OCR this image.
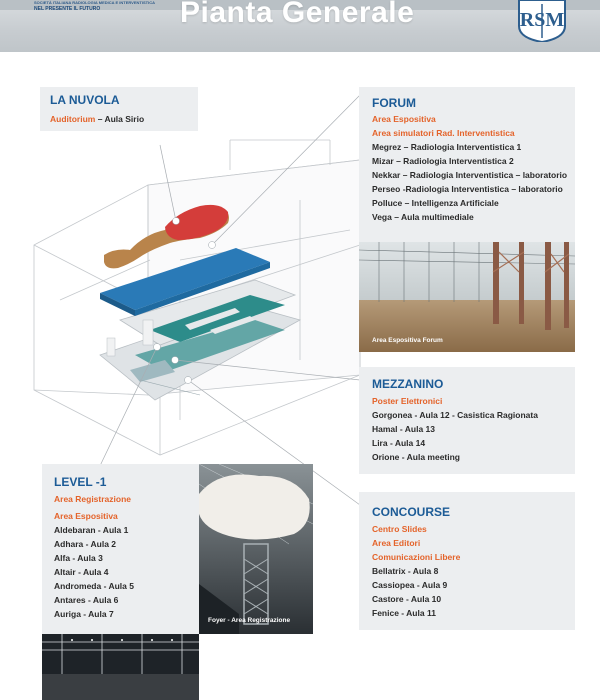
SOCIETÀ ITALIANA RADIOLOGIA MEDICA E INTERVENTISTICA
NEL PRESENTE IL FUTURO	Pianta Generale	RSM
LA NUVOLA
Auditorium – Aula Sirio
FORUM
Area Espositiva
Area simulatori Rad. Interventistica
Megrez – Radiologia Interventistica 1
Mizar – Radiologia Interventistica 2
Nekkar – Radiologia Interventistica – laboratorio
Perseo -Radiologia Interventistica – laboratorio
Polluce – Intelligenza Artificiale
Vega – Aula multimediale
Area Espositiva Forum
MEZZANINO
Poster Elettronici
Gorgonea - Aula 12 - Casistica Ragionata
Hamal - Aula 13
Lira - Aula 14
Orione - Aula meeting
LEVEL -1
Area Registrazione
Area Espositiva
Aldebaran - Aula 1
Adhara - Aula 2
Alfa - Aula 3
Altair - Aula 4
Andromeda - Aula 5
Antares - Aula 6
Auriga - Aula 7
Foyer - Area Registrazione
CONCOURSE
Centro Slides
Area Editori
Comunicazioni Libere
Bellatrix - Aula 8
Cassiopea - Aula 9
Castore - Aula 10
Fenice - Aula 11
